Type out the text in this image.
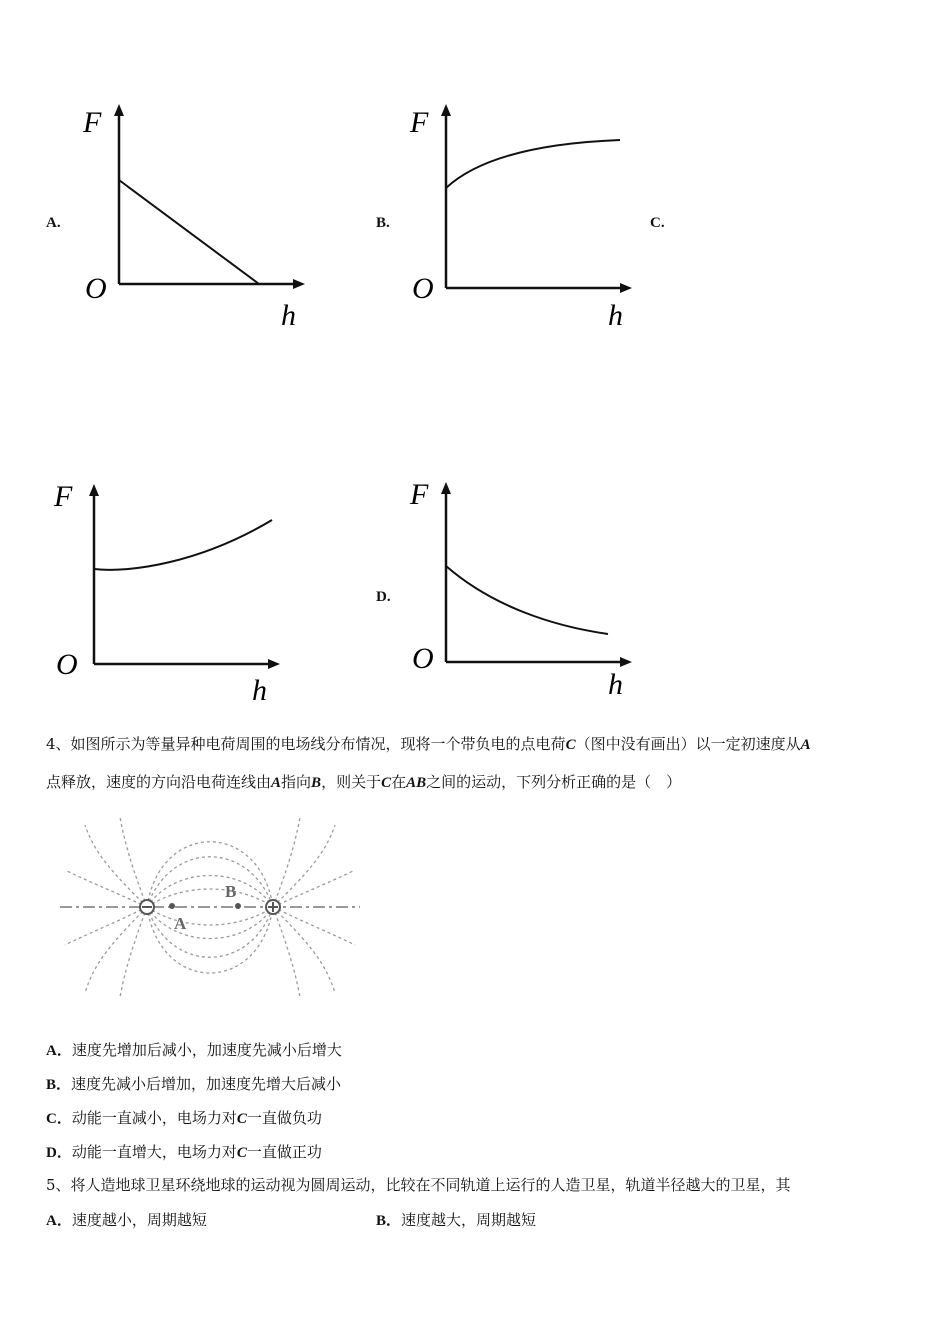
A.	B.	C.
D.
F
O
h
F
O
h
F
O
h
F
O
h
4、如图所示为等量异种电荷周围的电场线分布情况，现将一个带负电的点电荷C（图中没有画出）以一定初速度从A
点释放，速度的方向沿电荷连线由A指向B，则关于C在AB之间的运动，下列分析正确的是（　）
A
B
A．速度先增加后减小，加速度先减小后增大
B．速度先减小后增加，加速度先增大后减小
C．动能一直减小，电场力对C一直做负功
D．动能一直增大，电场力对C一直做正功
5、将人造地球卫星环绕地球的运动视为圆周运动，比较在不同轨道上运行的人造卫星，轨道半径越大的卫星，其
A．速度越小，周期越短	B．速度越大，周期越短
